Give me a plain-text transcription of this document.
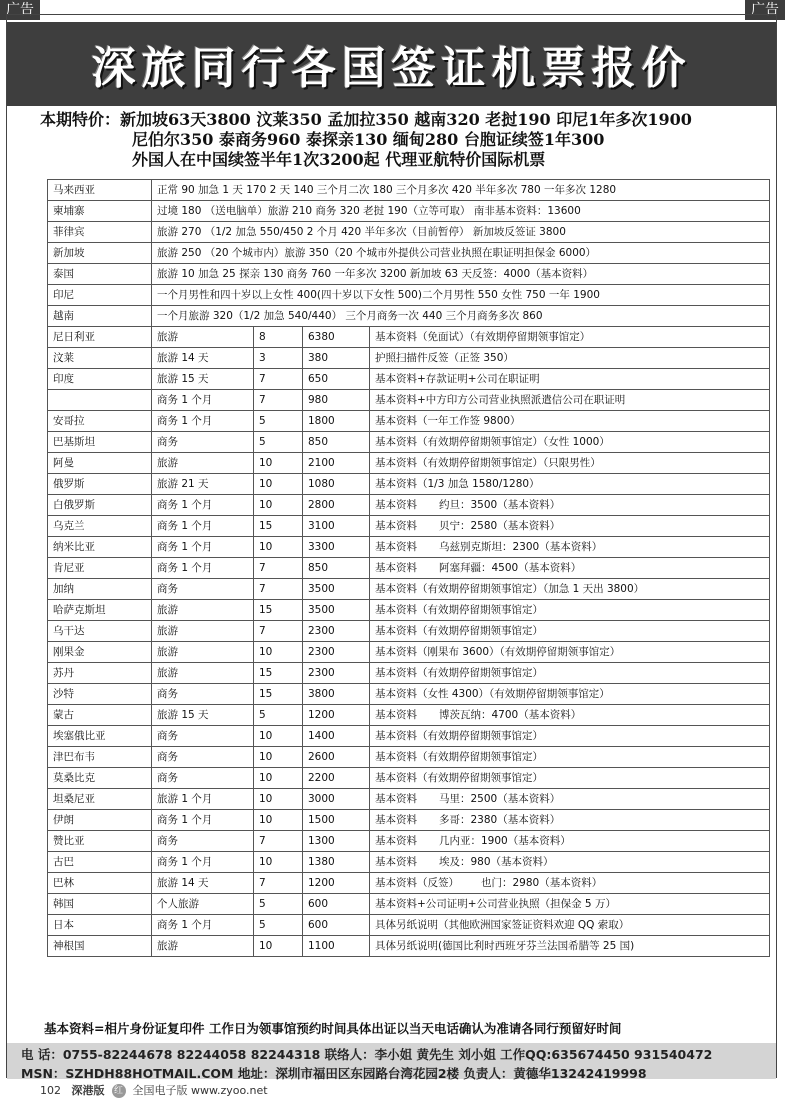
广告	广告
深旅同行各国签证机票报价
本期特价：新加坡63天3800 汶莱350 孟加拉350 越南320 老挝190 印尼1年多次1900
尼伯尔350 泰商务960 泰探亲130 缅甸280 台胞证续签1年300
外国人在中国续签半年1次3200起 代理亚航特价国际机票
马来西亚	正常 90 加急 1 天 170 2 天 140 三个月二次 180 三个月多次 420 半年多次 780 一年多次 1280			
柬埔寨	过境 180 （送电脑单）旅游 210 商务 320 老挝 190（立等可取） 南非基本资料：13600			
菲律宾	旅游 270 （1/2 加急 550/450 2 个月 420 半年多次（目前暂停） 新加坡反签证 3800			
新加坡	旅游 250 （20 个城市内）旅游 350（20 个城市外提供公司营业执照在职证明担保金 6000）			
泰国	旅游 10 加急 25 探亲 130 商务 760 一年多次 3200 新加坡 63 天反签：4000（基本资料）			
印尼	一个月男性和四十岁以上女性 400(四十岁以下女性 500)二个月男性 550 女性 750 一年 1900			
越南	一个月旅游 320（1/2 加急 540/440） 三个月商务一次 440 三个月商务多次 860			
尼日利亚	旅游	8	6380	基本资料（免面试）（有效期停留期领事馆定）
汶莱	旅游 14 天	3	380	护照扫描件反签（正签 350）
印度	旅游 15 天	7	650	基本资料+存款证明+公司在职证明
	商务 1 个月	7	980	基本资料+中方印方公司营业执照派遣信公司在职证明
安哥拉	商务 1 个月	5	1800	基本资料（一年工作签 9800）
巴基斯坦	商务	5	850	基本资料（有效期停留期领事馆定）（女性 1000）
阿曼	旅游	10	2100	基本资料（有效期停留期领事馆定）（只限男性）
俄罗斯	旅游 21 天	10	1080	基本资料（1/3 加急 1580/1280）
白俄罗斯	商务 1 个月	10	2800	基本资料 约旦：3500（基本资料）
乌克兰	商务 1 个月	15	3100	基本资料 贝宁：2580（基本资料）
纳米比亚	商务 1 个月	10	3300	基本资料 乌兹别克斯坦：2300（基本资料）
肯尼亚	商务 1 个月	7	850	基本资料 阿塞拜疆：4500（基本资料）
加纳	商务	7	3500	基本资料（有效期停留期领事馆定）（加急 1 天出 3800）
哈萨克斯坦	旅游	15	3500	基本资料（有效期停留期领事馆定）
乌干达	旅游	7	2300	基本资料（有效期停留期领事馆定）
刚果金	旅游	10	2300	基本资料（刚果布 3600）（有效期停留期领事馆定）
苏丹	旅游	15	2300	基本资料（有效期停留期领事馆定）
沙特	商务	15	3800	基本资料（女性 4300）（有效期停留期领事馆定）
蒙古	旅游 15 天	5	1200	基本资料 博茨瓦纳：4700（基本资料）
埃塞俄比亚	商务	10	1400	基本资料（有效期停留期领事馆定）
津巴布韦	商务	10	2600	基本资料（有效期停留期领事馆定）
莫桑比克	商务	10	2200	基本资料（有效期停留期领事馆定）
坦桑尼亚	旅游 1 个月	10	3000	基本资料 马里：2500（基本资料）
伊朗	商务 1 个月	10	1500	基本资料 多哥：2380（基本资料）
赞比亚	商务	7	1300	基本资料 几内亚：1900（基本资料）
古巴	商务 1 个月	10	1380	基本资料 埃及：980（基本资料）
巴林	旅游 14 天	7	1200	基本资料（反签） 也门：2980（基本资料）
韩国	个人旅游	5	600	基本资料+公司证明+公司营业执照（担保金 5 万）
日本	商务 1 个月	5	600	具体另纸说明（其他欧洲国家签证资料欢迎 QQ 索取）
神根国	旅游	10	1100	具体另纸说明(德国比利时西班牙芬兰法国希腊等 25 国)
基本资料=相片身份证复印件 工作日为领事馆预约时间具体出证以当天电话确认为准请各同行预留好时间
电 话：0755-82244678 82244058 82244318 联络人：李小姐 黄先生 刘小姐 工作QQ:635674450 931540472
MSN：SZHDH88HOTMAIL.COM 地址：深圳市福田区东园路台湾花园2楼 负责人：黄德华13242419998
102 深港版 红 全国电子版 www.zyoo.net
